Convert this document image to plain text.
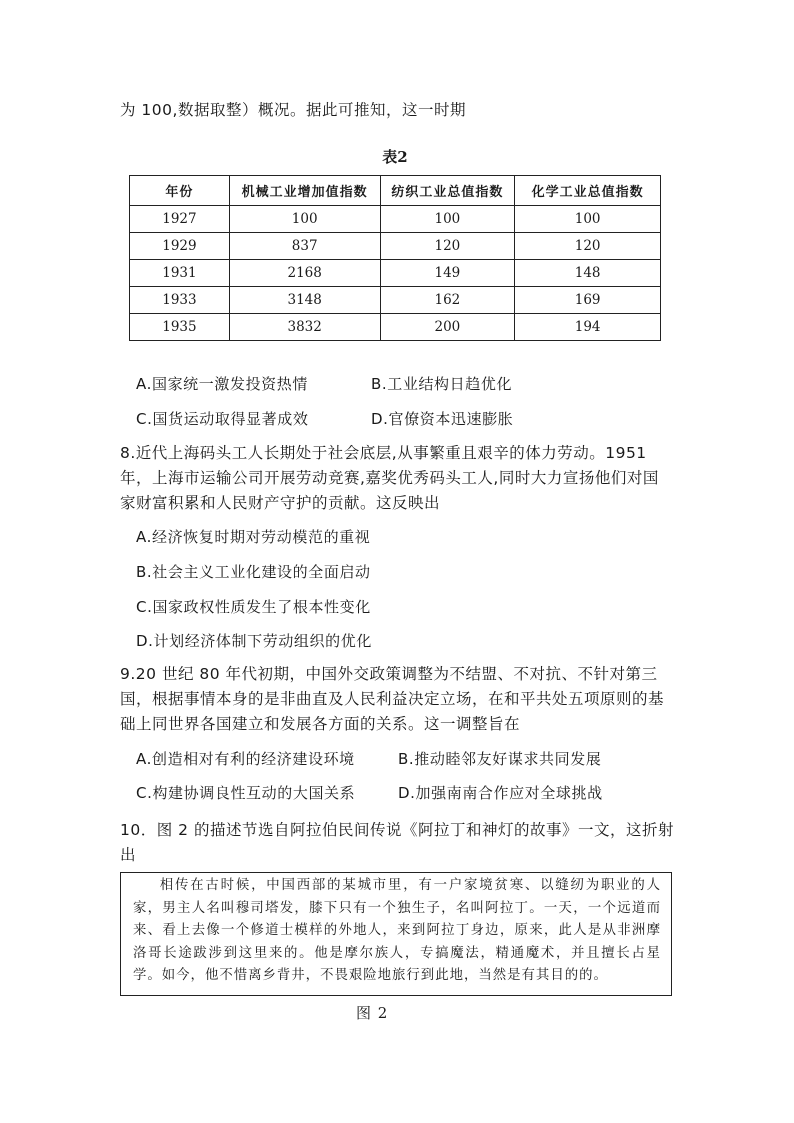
为 100,数据取整）概况。据此可推知，这一时期
表2
年份	机械工业增加值指数	纺织工业总值指数	化学工业总值指数
1927	100	100	100
1929	837	120	120
1931	2168	149	148
1933	3148	162	169
1935	3832	200	194
A.国家统一激发投资热情	B.工业结构日趋优化
C.国货运动取得显著成效	D.官僚资本迅速膨胀
8.近代上海码头工人长期处于社会底层,从事繁重且艰辛的体力劳动。1951
年，上海市运输公司开展劳动竞赛,嘉奖优秀码头工人,同时大力宣扬他们对国
家财富积累和人民财产守护的贡献。这反映出
A.经济恢复时期对劳动模范的重视
B.社会主义工业化建设的全面启动
C.国家政权性质发生了根本性变化
D.计划经济体制下劳动组织的优化
9.20 世纪 80 年代初期，中国外交政策调整为不结盟、不对抗、不针对第三
国，根据事情本身的是非曲直及人民利益决定立场，在和平共处五项原则的基
础上同世界各国建立和发展各方面的关系。这一调整旨在
A.创造相对有利的经济建设环境	B.推动睦邻友好谋求共同发展
C.构建协调良性互动的大国关系	D.加强南南合作应对全球挑战
10．图 2 的描述节选自阿拉伯民间传说《阿拉丁和神灯的故事》一文，这折射
出

相传在古时候，中国西部的某城市里，有一户家境贫寒、以缝纫为职业的人家，男主人名叫穆司塔发，膝下只有一个独生子，名叫阿拉丁。一天，一个远道而来、看上去像一个修道士模样的外地人，来到阿拉丁身边，原来，此人是从非洲摩洛哥长途跋涉到这里来的。他是摩尔族人，专搞魔法，精通魔术，并且擅长占星学。如今，他不惜离乡背井，不畏艰险地旅行到此地，当然是有其目的的。

图 2
